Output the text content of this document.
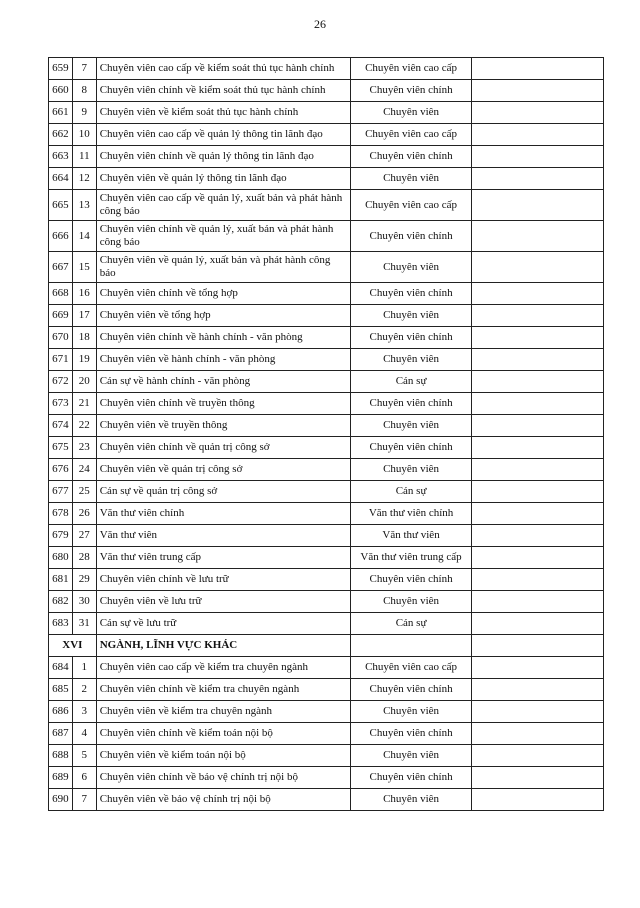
26
659	7	Chuyên viên cao cấp về kiểm soát thủ tục hành chính	Chuyên viên cao cấp	
660	8	Chuyên viên chính về kiểm soát thủ tục hành chính	Chuyên viên chính	
661	9	Chuyên viên về kiểm soát thủ tục hành chính	Chuyên viên	
662	10	Chuyên viên cao cấp về quản lý thông tin lãnh đạo	Chuyên viên cao cấp	
663	11	Chuyên viên chính về quản lý thông tin lãnh đạo	Chuyên viên chính	
664	12	Chuyên viên về quản lý thông tin lãnh đạo	Chuyên viên	
665	13	Chuyên viên cao cấp về quản lý, xuất bản và phát hành công báo	Chuyên viên cao cấp	
666	14	Chuyên viên chính về quản lý, xuất bản và phát hành công báo	Chuyên viên chính	
667	15	Chuyên viên về quản lý, xuất bản và phát hành công báo	Chuyên viên	
668	16	Chuyên viên chính về tổng hợp	Chuyên viên chính	
669	17	Chuyên viên về tổng hợp	Chuyên viên	
670	18	Chuyên viên chính về hành chính - văn phòng	Chuyên viên chính	
671	19	Chuyên viên về hành chính - văn phòng	Chuyên viên	
672	20	Cán sự về hành chính - văn phòng	Cán sự	
673	21	Chuyên viên chính về truyền thông	Chuyên viên chính	
674	22	Chuyên viên về truyền thông	Chuyên viên	
675	23	Chuyên viên chính về quản trị công sở	Chuyên viên chính	
676	24	Chuyên viên về quản trị công sở	Chuyên viên	
677	25	Cán sự về quản trị công sở	Cán sự	
678	26	Văn thư viên chính	Văn thư viên chính	
679	27	Văn thư viên	Văn thư viên	
680	28	Văn thư viên trung cấp	Văn thư viên trung cấp	
681	29	Chuyên viên chính về lưu trữ	Chuyên viên chính	
682	30	Chuyên viên về lưu trữ	Chuyên viên	
683	31	Cán sự về lưu trữ	Cán sự	
XVI		NGÀNH, LĨNH VỰC KHÁC		
684	1	Chuyên viên cao cấp về kiểm tra chuyên ngành	Chuyên viên cao cấp	
685	2	Chuyên viên chính về kiểm tra chuyên ngành	Chuyên viên chính	
686	3	Chuyên viên về kiểm tra chuyên ngành	Chuyên viên	
687	4	Chuyên viên chính về kiểm toán nội bộ	Chuyên viên chính	
688	5	Chuyên viên về kiểm toán nội bộ	Chuyên viên	
689	6	Chuyên viên chính về bảo vệ chính trị nội bộ	Chuyên viên chính	
690	7	Chuyên viên về bảo vệ chính trị nội bộ	Chuyên viên	
